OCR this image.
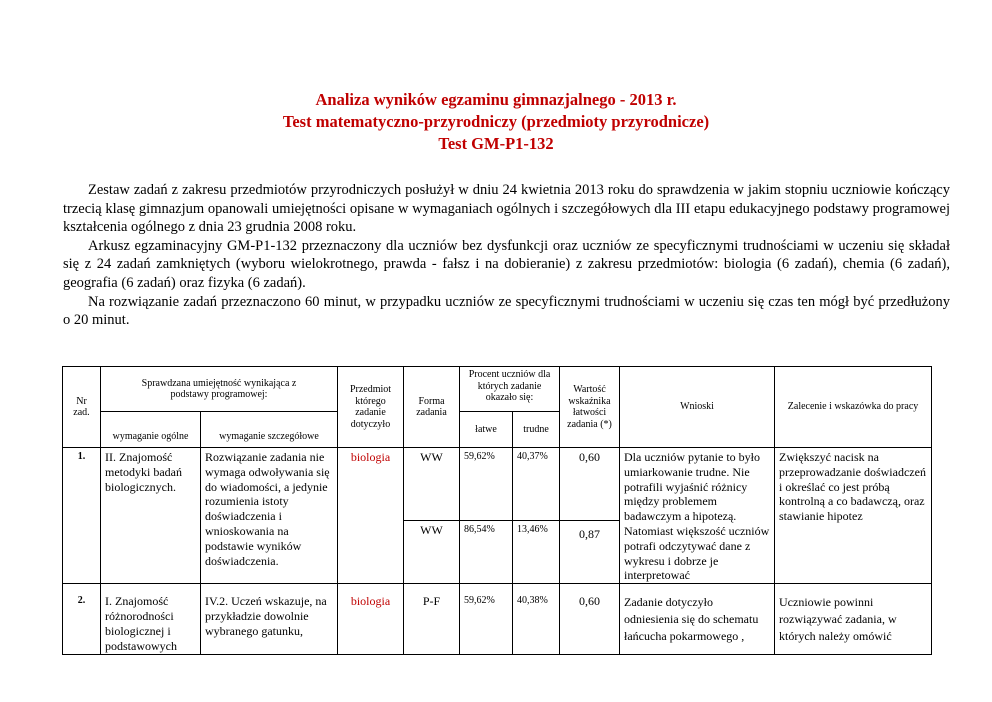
Analiza wyników egzaminu gimnazjalnego - 2013 r.
Test matematyczno-przyrodniczy (przedmioty przyrodnicze)
Test GM-P1-132

Zestaw zadań z zakresu przedmiotów przyrodniczych posłużył w dniu 24 kwietnia 2013 roku do sprawdzenia w jakim stopniu uczniowie kończący trzecią klasę gimnazjum opanowali umiejętności opisane w wymaganiach ogólnych i szczegółowych dla III etapu edukacyjnego podstawy programowej kształcenia ogólnego z dnia 23 grudnia 2008 roku.

Arkusz egzaminacyjny GM-P1-132 przeznaczony dla uczniów bez dysfunkcji oraz uczniów ze specyficznymi trudnościami w uczeniu się składał się z 24 zadań zamkniętych (wyboru wielokrotnego, prawda - fałsz i na dobieranie) z zakresu przedmiotów: biologia (6 zadań), chemia (6 zadań), geografia (6 zadań) oraz fizyka (6 zadań).

Na rozwiązanie zadań przeznaczono 60 minut, w przypadku uczniów ze specyficznymi trudnościami w uczeniu się czas ten mógł być przedłużony o 20 minut.

Nr zad.	Sprawdzana umiejętność wynikająca z podstawy programowej:		Przedmiot którego zadanie dotyczyło	Forma zadania	Procent uczniów dla których zadanie okazało się:		Wartość wskaźnika łatwości zadania (*)	Wnioski	Zalecenie i wskazówka do pracy
	wymaganie ogólne	wymaganie szczegółowe			łatwe	trudne			
1.	II. Znajomość metodyki badań biologicznych.	Rozwiązanie zadania nie wymaga odwoływania się do wiadomości, a jedynie rozumienia istoty doświadczenia i wnioskowania na podstawie wyników doświadczenia.	biologia	WW	59,62%	40,37%	0,60	Dla uczniów pytanie to było umiarkowanie trudne. Nie potrafili wyjaśnić różnicy między problemem badawczym a hipotezą. Natomiast większość uczniów potrafi odczytywać dane z wykresu i dobrze je interpretować	Zwiększyć nacisk na przeprowadzanie doświadczeń i określać co jest próbą kontrolną a co badawczą, oraz stawianie hipotez
				WW	86,54%	13,46%	0,87		

2.	I. Znajomość różnorodności biologicznej i podstawowych	IV.2. Uczeń wskazuje, na przykładzie dowolnie wybranego gatunku,	biologia	P-F	59,62%	40,38%	0,60	Zadanie dotyczyło odniesienia się do schematu łańcucha pokarmowego ,	Uczniowie powinni rozwiązywać zadania, w których należy omówić
